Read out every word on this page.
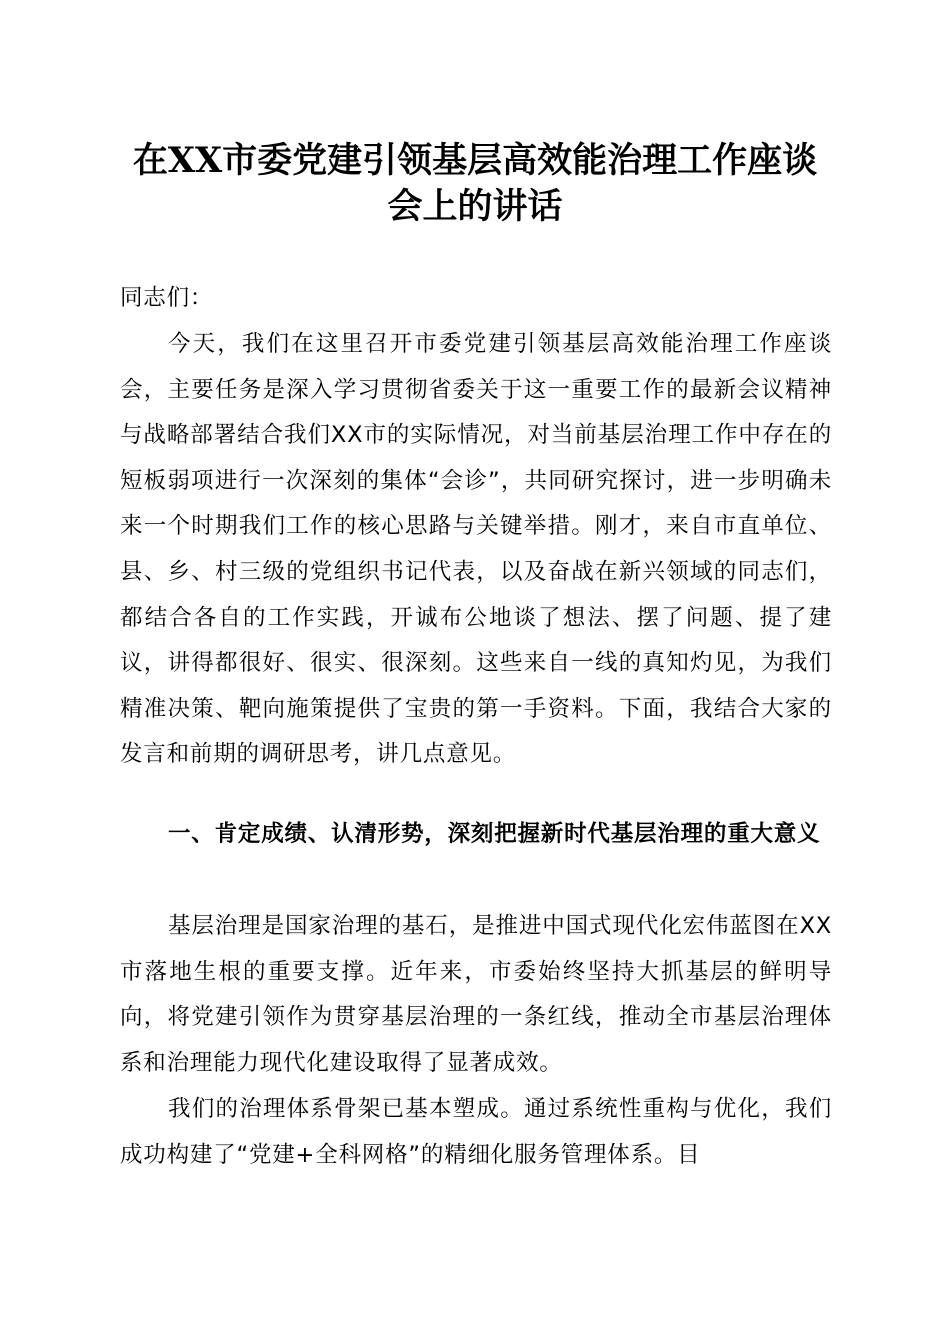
在XX市委党建引领基层高效能治理工作座谈
会上的讲话

同志们：

今天，我们在这里召开市委党建引领基层高效能治理工作座谈会，主要任务是深入学习贯彻省委关于这一重要工作的最新会议精神与战略部署结合我们XX市的实际情况，对当前基层治理工作中存在的短板弱项进行一次深刻的集体“会诊”，共同研究探讨，进一步明确未来一个时期我们工作的核心思路与关键举措。刚才，来自市直单位、县、乡、村三级的党组织书记代表，以及奋战在新兴领域的同志们，都结合各自的工作实践，开诚布公地谈了想法、摆了问题、提了建议，讲得都很好、很实、很深刻。这些来自一线的真知灼见，为我们精准决策、靶向施策提供了宝贵的第一手资料。下面，我结合大家的发言和前期的调研思考，讲几点意见。

一、肯定成绩、认清形势，深刻把握新时代基层治理的重大意义

基层治理是国家治理的基石，是推进中国式现代化宏伟蓝图在XX市落地生根的重要支撑。近年来，市委始终坚持大抓基层的鲜明导向，将党建引领作为贯穿基层治理的一条红线，推动全市基层治理体系和治理能力现代化建设取得了显著成效。

我们的治理体系骨架已基本塑成。通过系统性重构与优化，我们成功构建了“党建+全科网格”的精细化服务管理体系。目
